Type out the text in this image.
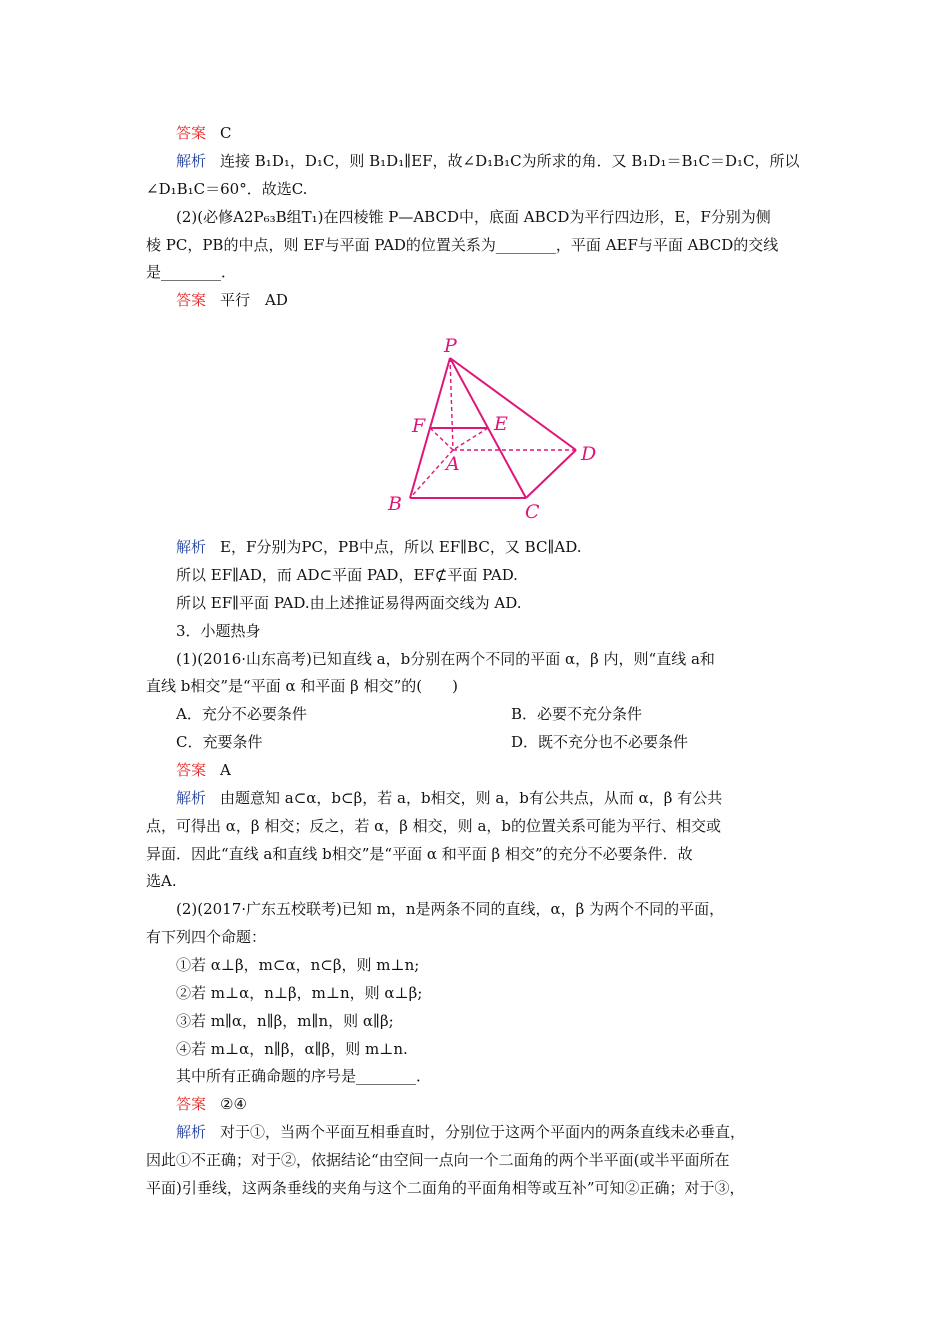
答案 C
解析 连接 B₁D₁，D₁C，则 B₁D₁∥EF，故∠D₁B₁C为所求的角．又 B₁D₁＝B₁C＝D₁C，所以
∠D₁B₁C＝60°．故选C.
(2)(必修A2P₆₃B组T₁)在四棱锥 P—ABCD中，底面 ABCD为平行四边形，E，F分别为侧
棱 PC，PB的中点，则 EF与平面 PAD的位置关系为________，平面 AEF与平面 ABCD的交线
是________．
答案 平行　AD
P
F	E
A	D
B	C
解析 E，F分别为PC，PB中点，所以 EF∥BC，又 BC∥AD.
所以 EF∥AD，而 AD⊂平面 PAD，EF⊄平面 PAD.
所以 EF∥平面 PAD.由上述推证易得两面交线为 AD.
3．小题热身
(1)(2016·山东高考)已知直线 a，b分别在两个不同的平面 α，β 内，则“直线 a和
直线 b相交”是“平面 α 和平面 β 相交”的(　　)
A．充分不必要条件	B．必要不充分条件
C．充要条件	D．既不充分也不必要条件
答案 A
解析 由题意知 a⊂α，b⊂β，若 a，b相交，则 a，b有公共点，从而 α，β 有公共
点，可得出 α，β 相交；反之，若 α，β 相交，则 a，b的位置关系可能为平行、相交或
异面．因此“直线 a和直线 b相交”是“平面 α 和平面 β 相交”的充分不必要条件．故
选A.
(2)(2017·广东五校联考)已知 m，n是两条不同的直线，α，β 为两个不同的平面，
有下列四个命题：
①若 α⊥β，m⊂α，n⊂β，则 m⊥n;
②若 m⊥α，n⊥β，m⊥n，则 α⊥β;
③若 m∥α，n∥β，m∥n，则 α∥β;
④若 m⊥α，n∥β，α∥β，则 m⊥n.
其中所有正确命题的序号是________．
答案 ②④
解析 对于①，当两个平面互相垂直时，分别位于这两个平面内的两条直线未必垂直，
因此①不正确；对于②，依据结论“由空间一点向一个二面角的两个半平面(或半平面所在
平面)引垂线，这两条垂线的夹角与这个二面角的平面角相等或互补”可知②正确；对于③，
